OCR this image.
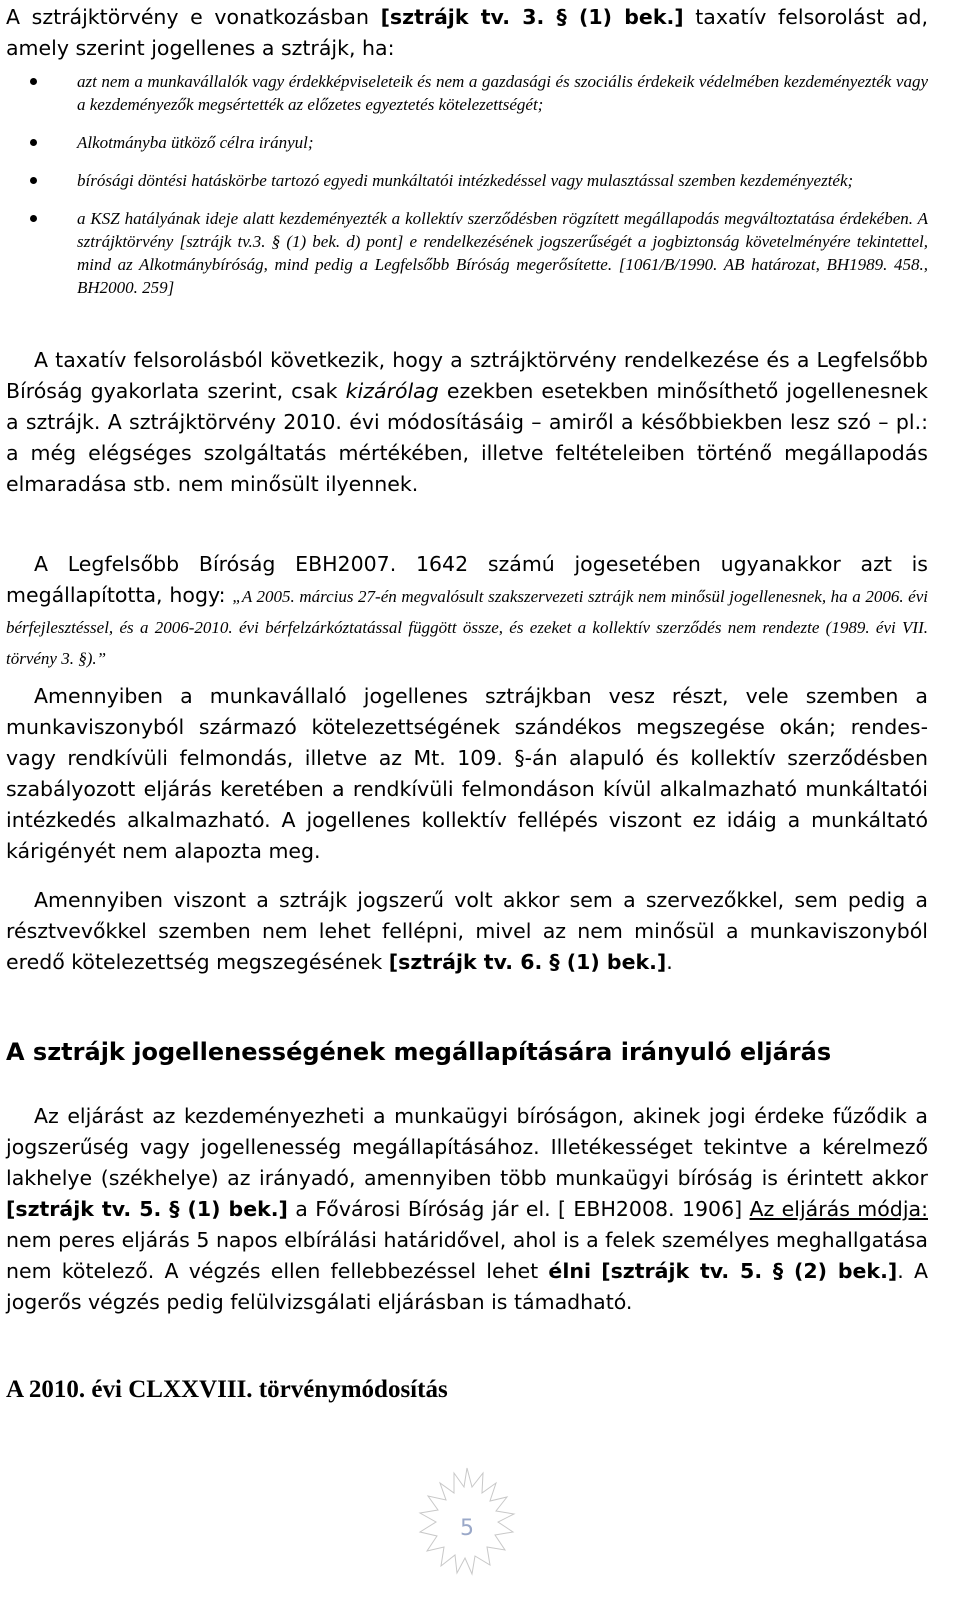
A sztrájktörvény e vonatkozásban [sztrájk tv. 3. § (1) bek.] taxatív felsorolást ad, amely szerint jogellenes a sztrájk, ha:

azt nem a munkavállalók vagy érdekképviseleteik és nem a gazdasági és szociális érdekeik védelmében kezdeményezték vagy a kezdeményezők megsértették az előzetes egyeztetés kötelezettségét;
Alkotmányba ütköző célra irányul;
bírósági döntési hatáskörbe tartozó egyedi munkáltatói intézkedéssel vagy mulasztással szemben kezdeményezték;
a KSZ hatályának ideje alatt kezdeményezték a kollektív szerződésben rögzített megállapodás megváltoztatása érdekében. A sztrájktörvény [sztrájk tv.3. § (1) bek. d) pont] e rendelkezésének jogszerűségét a jogbiztonság követelményére tekintettel, mind az Alkotmánybíróság, mind pedig a Legfelsőbb Bíróság megerősítette. [1061/B/1990. AB határozat, BH1989. 458., BH2000. 259]

A taxatív felsorolásból következik, hogy a sztrájktörvény rendelkezése és a Legfelsőbb Bíróság gyakorlata szerint, csak kizárólag ezekben esetekben minősíthető jogellenesnek a sztrájk. A sztrájktörvény 2010. évi módosításáig – amiről a későbbiekben lesz szó – pl.: a még elégséges szolgáltatás mértékében, illetve feltételeiben történő megállapodás elmaradása stb. nem minősült ilyennek.

A Legfelsőbb Bíróság EBH2007. 1642 számú jogesetében ugyanakkor azt is megállapította, hogy: „A 2005. március 27-én megvalósult szakszervezeti sztrájk nem minősül jogellenesnek, ha a 2006. évi bérfejlesztéssel, és a 2006-2010. évi bérfelzárkóztatással függött össze, és ezeket a kollektív szerződés nem rendezte (1989. évi VII. törvény 3. §).”

Amennyiben a munkavállaló jogellenes sztrájkban vesz részt, vele szemben a munkaviszonyból származó kötelezettségének szándékos megszegése okán; rendes- vagy rendkívüli felmondás, illetve az Mt. 109. §-án alapuló és kollektív szerződésben szabályozott eljárás keretében a rendkívüli felmondáson kívül alkalmazható munkáltatói intézkedés alkalmazható. A jogellenes kollektív fellépés viszont ez idáig a munkáltató kárigényét nem alapozta meg.

Amennyiben viszont a sztrájk jogszerű volt akkor sem a szervezőkkel, sem pedig a résztvevőkkel szemben nem lehet fellépni, mivel az nem minősül a munkaviszonyból eredő kötelezettség megszegésének [sztrájk tv. 6. § (1) bek.].

A sztrájk jogellenességének megállapítására irányuló eljárás

Az eljárást az kezdeményezheti a munkaügyi bíróságon, akinek jogi érdeke fűződik a jogszerűség vagy jogellenesség megállapításához. Illetékességet tekintve a kérelmező lakhelye (székhelye) az irányadó, amennyiben több munkaügyi bíróság is érintett akkor [sztrájk tv. 5. § (1) bek.] a Fővárosi Bíróság jár el. [ EBH2008. 1906] Az eljárás módja: nem peres eljárás 5 napos elbírálási határidővel, ahol is a felek személyes meghallgatása nem kötelező. A végzés ellen fellebbezéssel lehet élni [sztrájk tv. 5. § (2) bek.]. A jogerős végzés pedig felülvizsgálati eljárásban is támadható.

A 2010. évi CLXXVIII. törvénymódosítás
5
